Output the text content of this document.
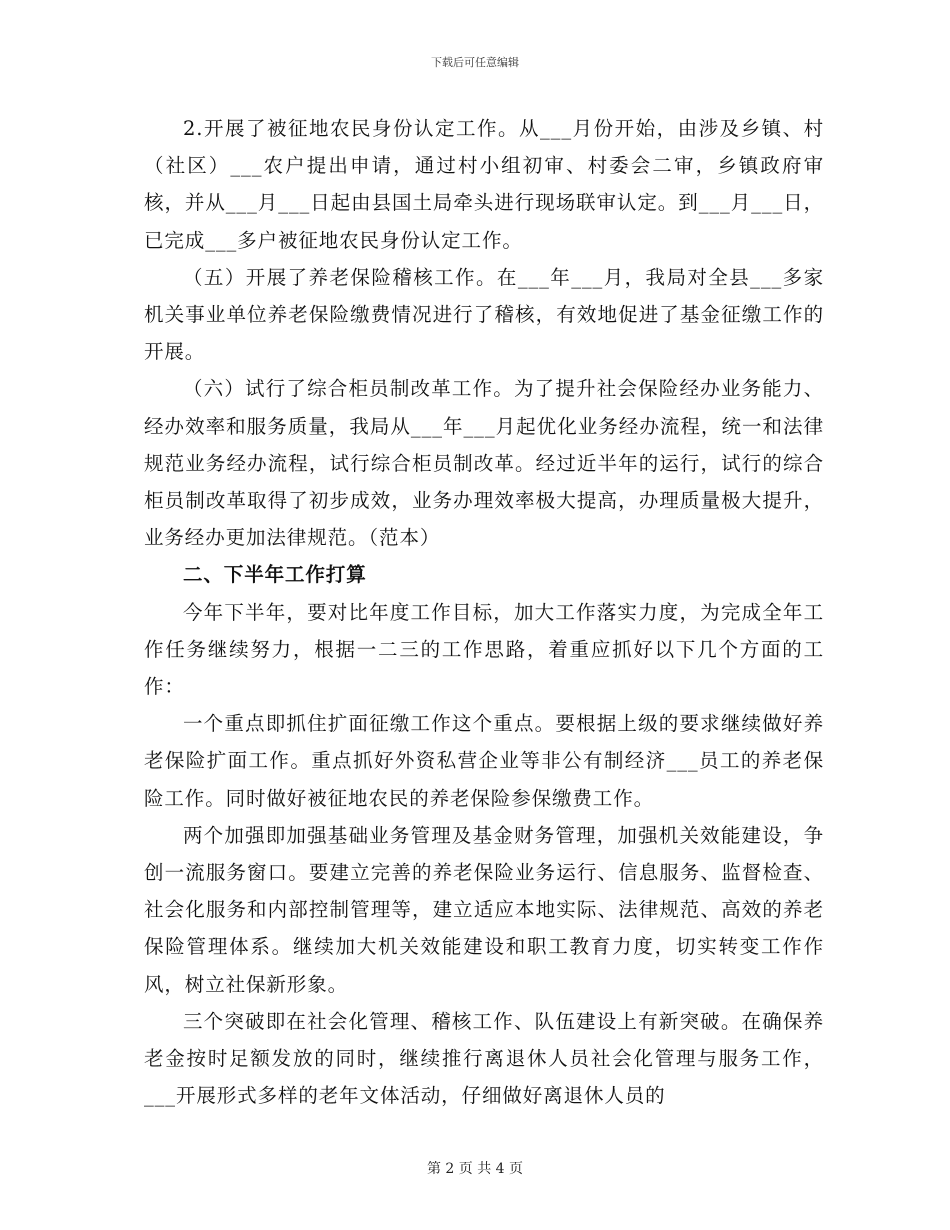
下载后可任意编辑

2.开展了被征地农民身份认定工作。从___月份开始，由涉及乡镇、村（社区）___农户提出申请，通过村小组初审、村委会二审，乡镇政府审核，并从___月___日起由县国土局牵头进行现场联审认定。到___月___日，已完成___多户被征地农民身份认定工作。

（五）开展了养老保险稽核工作。在___年___月，我局对全县___多家机关事业单位养老保险缴费情况进行了稽核，有效地促进了基金征缴工作的开展。

（六）试行了综合柜员制改革工作。为了提升社会保险经办业务能力、经办效率和服务质量，我局从___年___月起优化业务经办流程，统一和法律规范业务经办流程，试行综合柜员制改革。经过近半年的运行，试行的综合柜员制改革取得了初步成效，业务办理效率极大提高，办理质量极大提升，业务经办更加法律规范。（范本）

二、下半年工作打算

今年下半年，要对比年度工作目标，加大工作落实力度，为完成全年工作任务继续努力，根据一二三的工作思路，着重应抓好以下几个方面的工作：

一个重点即抓住扩面征缴工作这个重点。要根据上级的要求继续做好养老保险扩面工作。重点抓好外资私营企业等非公有制经济___员工的养老保险工作。同时做好被征地农民的养老保险参保缴费工作。

两个加强即加强基础业务管理及基金财务管理，加强机关效能建设，争创一流服务窗口。要建立完善的养老保险业务运行、信息服务、监督检查、社会化服务和内部控制管理等，建立适应本地实际、法律规范、高效的养老保险管理体系。继续加大机关效能建设和职工教育力度，切实转变工作作风，树立社保新形象。

三个突破即在社会化管理、稽核工作、队伍建设上有新突破。在确保养老金按时足额发放的同时，继续推行离退休人员社会化管理与服务工作，___开展形式多样的老年文体活动，仔细做好离退休人员的

第 2 页 共 4 页
